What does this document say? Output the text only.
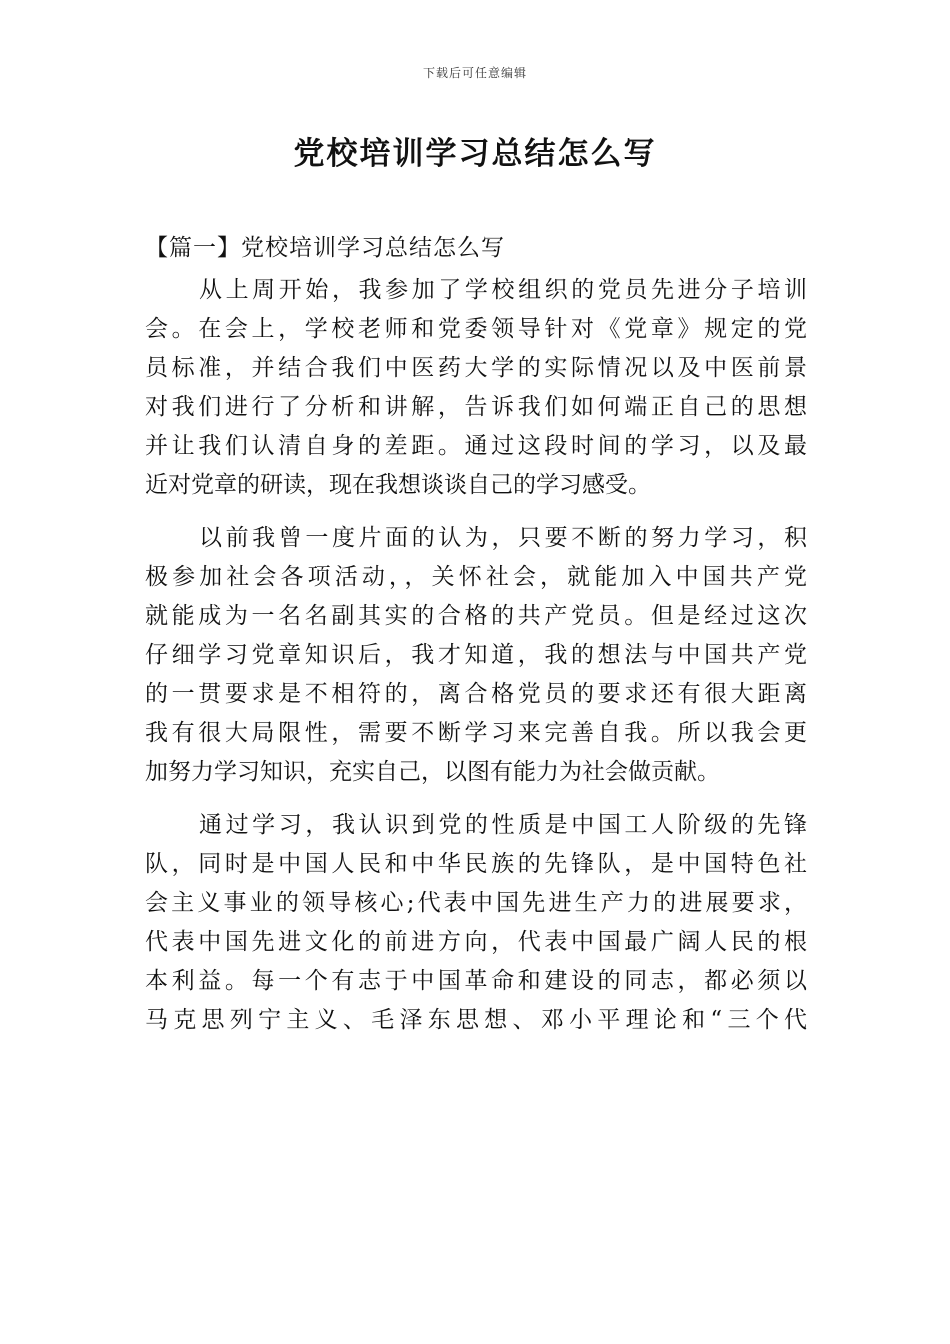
下载后可任意编辑
党校培训学习总结怎么写
【篇一】党校培训学习总结怎么写
从上周开始，我参加了学校组织的党员先进分子培训
会。在会上，学校老师和党委领导针对《党章》规定的党
员标准，并结合我们中医药大学的实际情况以及中医前景
对我们进行了分析和讲解，告诉我们如何端正自己的思想
并让我们认清自身的差距。通过这段时间的学习，以及最
近对党章的研读，现在我想谈谈自己的学习感受。
以前我曾一度片面的认为，只要不断的努力学习，积
极参加社会各项活动，，关怀社会，就能加入中国共产党
就能成为一名名副其实的合格的共产党员。但是经过这次
仔细学习党章知识后，我才知道，我的想法与中国共产党
的一贯要求是不相符的，离合格党员的要求还有很大距离
我有很大局限性，需要不断学习来完善自我。所以我会更
加努力学习知识，充实自己，以图有能力为社会做贡献。
通过学习，我认识到党的性质是中国工人阶级的先锋
队，同时是中国人民和中华民族的先锋队，是中国特色社
会主义事业的领导核心;代表中国先进生产力的进展要求，
代表中国先进文化的前进方向，代表中国最广阔人民的根
本利益。每一个有志于中国革命和建设的同志，都必须以
马克思列宁主义、毛泽东思想、邓小平理论和“三个代
